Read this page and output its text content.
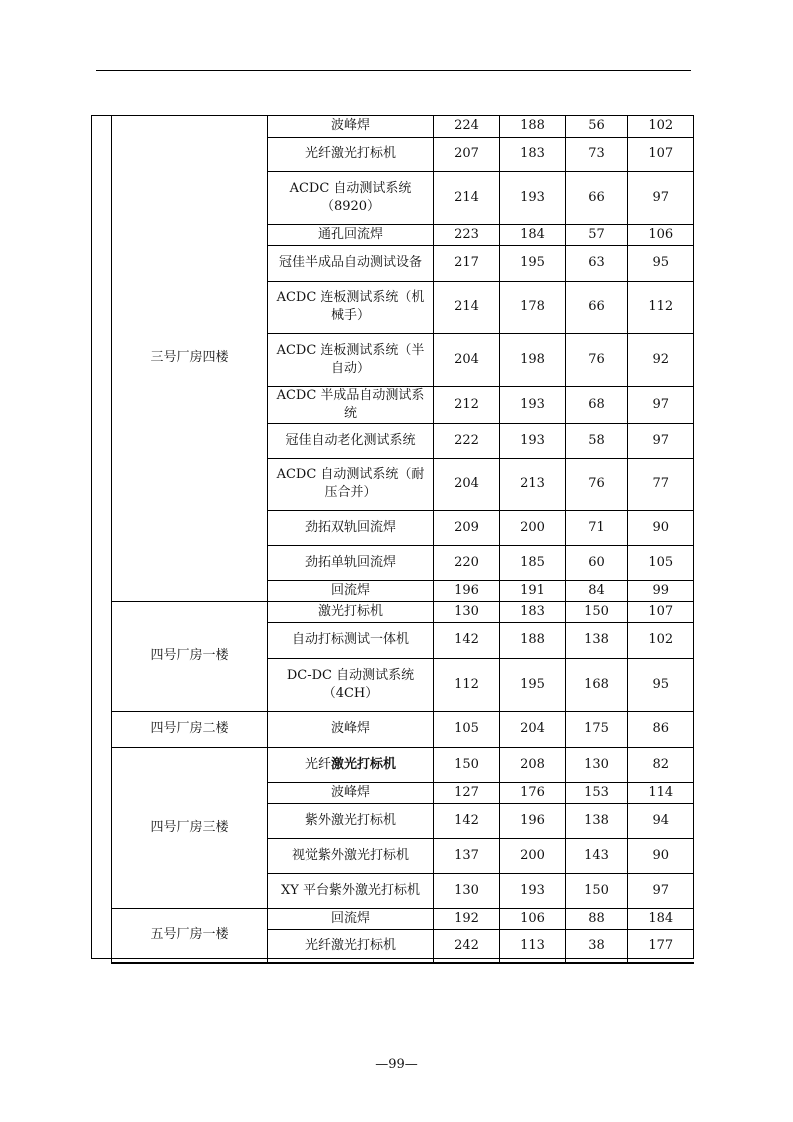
三号厂房四楼	波峰焊	224	188	56	102
	光纤激光打标机	207	183	73	107
	ACDC 自动测试系统（8920）	214	193	66	97
	通孔回流焊	223	184	57	106
	冠佳半成品自动测试设备	217	195	63	95
	ACDC 连板测试系统（机械手）	214	178	66	112
	ACDC 连板测试系统（半自动）	204	198	76	92
	ACDC 半成品自动测试系统	212	193	68	97
	冠佳自动老化测试系统	222	193	58	97
	ACDC 自动测试系统（耐压合并）	204	213	76	77
	劲拓双轨回流焊	209	200	71	90
	劲拓单轨回流焊	220	185	60	105
	回流焊	196	191	84	99
四号厂房一楼	激光打标机	130	183	150	107
	自动打标测试一体机	142	188	138	102
	DC-DC 自动测试系统（4CH）	112	195	168	95
四号厂房二楼	波峰焊	105	204	175	86
四号厂房三楼	光纤激光打标机	150	208	130	82
	波峰焊	127	176	153	114
	紫外激光打标机	142	196	138	94
	视觉紫外激光打标机	137	200	143	90
	XY 平台紫外激光打标机	130	193	150	97
五号厂房一楼	回流焊	192	106	88	184
	光纤激光打标机	242	113	38	177
—99—
